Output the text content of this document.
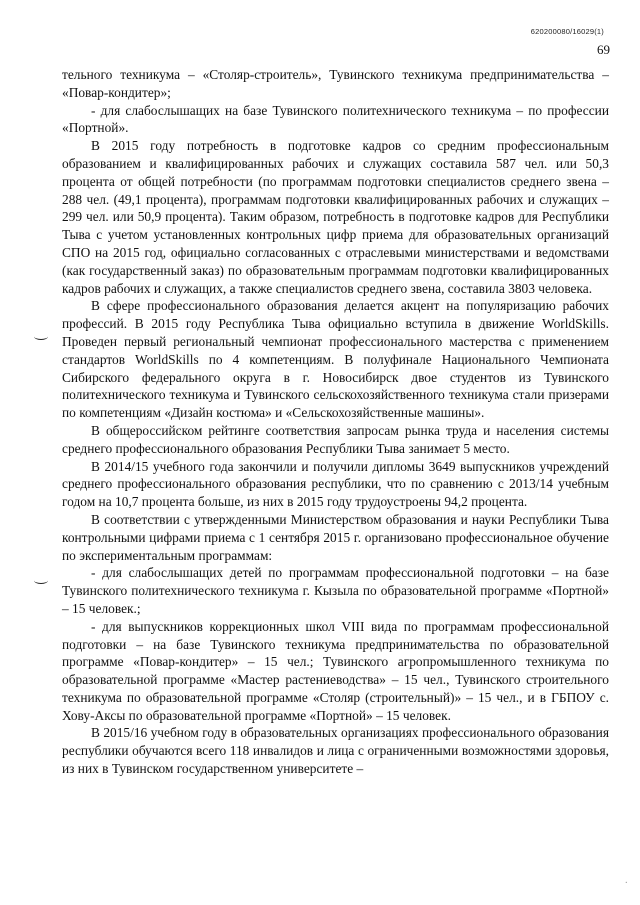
620200080/16029(1)
69

тельного техникума – «Столяр-строитель», Тувинского техникума предпринимательства – «Повар-кондитер»;

- для слабослышащих на базе Тувинского политехнического техникума – по профессии «Портной».

В 2015 году потребность в подготовке кадров со средним профессиональным образованием и квалифицированных рабочих и служащих составила 587 чел. или 50,3 процента от общей потребности (по программам подготовки специалистов среднего звена – 288 чел. (49,1 процента), программам подготовки квалифицированных рабочих и служащих – 299 чел. или 50,9 процента). Таким образом, потребность в подготовке кадров для Республики Тыва с учетом установленных контрольных цифр приема для образовательных организаций СПО на 2015 год, официально согласованных с отраслевыми министерствами и ведомствами (как государственный заказ) по образовательным программам подготовки квалифицированных кадров рабочих и служащих, а также специалистов среднего звена, составила 3803 человека.

В сфере профессионального образования делается акцент на популяризацию рабочих профессий. В 2015 году Республика Тыва официально вступила в движение WorldSkills. Проведен первый региональный чемпионат профессионального мастерства с применением стандартов WorldSkills по 4 компетенциям. В полуфинале Национального Чемпионата Сибирского федерального округа в г. Новосибирск двое студентов из Тувинского политехнического техникума и Тувинского сельскохозяйственного техникума стали призерами по компетенциям «Дизайн костюма» и «Сельскохозяйственные машины».

В общероссийском рейтинге соответствия запросам рынка труда и населения системы среднего профессионального образования Республики Тыва занимает 5 место.

В 2014/15 учебного года закончили и получили дипломы 3649 выпускников учреждений среднего профессионального образования республики, что по сравнению с 2013/14 учебным годом на 10,7 процента больше, из них в 2015 году трудоустроены 94,2 процента.

В соответствии с утвержденными Министерством образования и науки Республики Тыва контрольными цифрами приема с 1 сентября 2015 г. организовано профессиональное обучение по экспериментальным программам:

- для слабослышащих детей по программам профессиональной подготовки – на базе Тувинского политехнического техникума г. Кызыла по образовательной программе «Портной» – 15 человек.;

- для выпускников коррекционных школ VIII вида по программам профессиональной подготовки – на базе Тувинского техникума предпринимательства по образовательной программе «Повар-кондитер» – 15 чел.; Тувинского агропромышленного техникума по образовательной программе «Мастер растениеводства» – 15 чел., Тувинского строительного техникума по образовательной программе «Столяр (строительный)» – 15 чел., и в ГБПОУ с. Хову-Аксы по образовательной программе «Портной» – 15 человек.

В 2015/16 учебном году в образовательных организациях профессионального образования республики обучаются всего 118 инвалидов и лица с ограниченными возможностями здоровья, из них в Тувинском государственном университете –

·
